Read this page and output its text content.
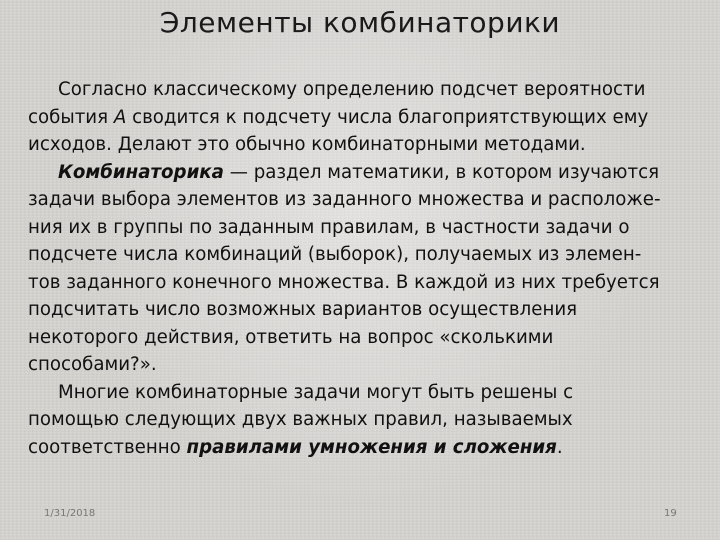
Элементы комбинаторики

Согласно классическому определению подсчет вероятности
события A сводится к подсчету числа благоприятствующих ему
исходов. Делают это обычно комбинаторными методами.

Комбинаторика — раздел математики, в котором изучаются
задачи выбора элементов из заданного множества и расположе-
ния их в группы по заданным правилам, в частности задачи о
подсчете числа комбинаций (выборок), получаемых из элемен-
тов заданного конечного множества. В каждой из них требуется
подсчитать число возможных вариантов осуществления
некоторого действия, ответить на вопрос «сколькими
способами?».

Многие комбинаторные задачи могут быть решены с
помощью следующих двух важных правил, называемых
соответственно правилами умножения и сложения.

1/31/2018	19
